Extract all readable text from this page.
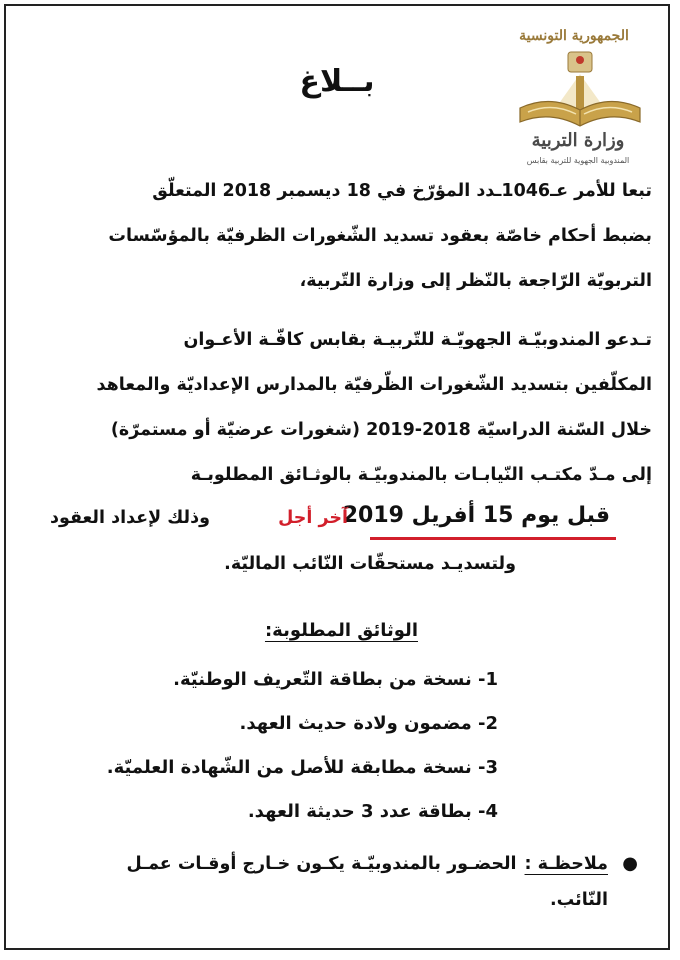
الجمهورية التونسية
وزارة التربية
المندوبية الجهوية للتربية بقابس
بــلاغ
تبعا للأمر عـ1046ـدد المؤرّخ في 18 ديسمبر 2018 المتعلّق
بضبط أحكام خاصّة بعقود تسديد الشّغورات الظرفيّة بالمؤسّسات
التربويّة الرّاجعة بالنّظر إلى وزارة التّربية،
تـدعو المندوبيّـة الجهويّـة للتّربيـة بقابس كافّـة الأعـوان
المكلّفين بتسديد الشّغورات الظّرفيّة بالمدارس الإعداديّة والمعاهد
خلال السّنة الدراسيّة 2018-2019 (شغورات عرضيّة أو مستمرّة)
إلى مـدّ مكتـب النّيابـات بالمندوبيّـة بالوثـائق المطلوبـة
قبل يوم 15 أفريل 2019
آخر أجل
وذلك لإعداد العقود
ولتسديـد مستحقّات النّائب الماليّة.
الوثائق المطلوبة:
1- نسخة من بطاقة التّعريف الوطنيّة.
2- مضمون ولادة حديث العهد.
3- نسخة مطابقة للأصل من الشّهادة العلميّة.
4- بطاقة عدد 3 حديثة العهد.
●
ملاحظـة :الحضـور بالمندوبيّـة يكـون خـارج أوقـات عمـل
النّائب.
